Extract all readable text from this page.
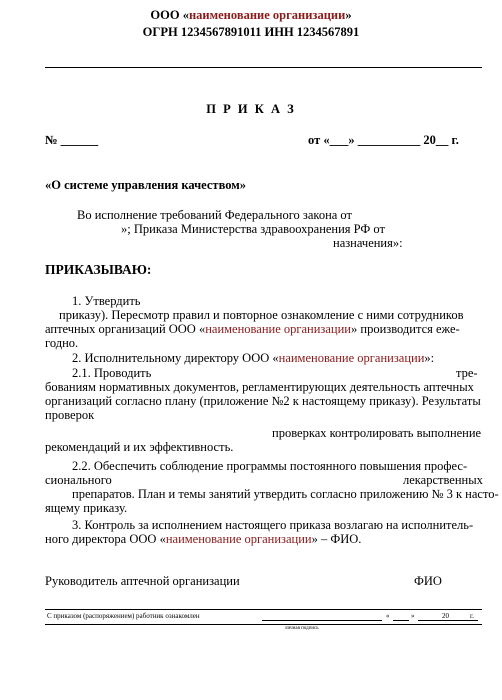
ООО «наименование организации»
ОГРН 1234567891011 ИНН 1234567891
П Р И К А З
№ ______	от «___» __________ 20__ г.
«О системе управления качеством»
Во исполнение требований Федерального закона от
»; Приказа Министерства здравоохранения РФ от
назначения»:
ПРИКАЗЫВАЮ:
1. Утвердить
приказу). Пересмотр правил и повторное ознакомление с ними сотрудников
аптечных организаций ООО «наименование организации» производится еже-
годно.
2. Исполнительному директору ООО «наименование организации»:
2.1. Проводить	тре-
бованиям нормативных документов, регламентирующих деятельность аптечных
организаций согласно плану (приложение №2 к настоящему приказу). Результаты
проверок
проверках контролировать выполнение
рекомендаций и их эффективность.
2.2. Обеспечить соблюдение программы постоянного повышения профес-
сионального	лекарственных
препаратов. План и темы занятий утвердить согласно приложению № 3 к насто-
ящему приказу.
3. Контроль за исполнением настоящего приказа возлагаю на исполнитель-
ного директора ООО «наименование организации» – ФИО.
Руководитель аптечной организации	ФИО
С приказом (распоряжением) работник ознакомлен	«	»	20	г.
личная подпись
